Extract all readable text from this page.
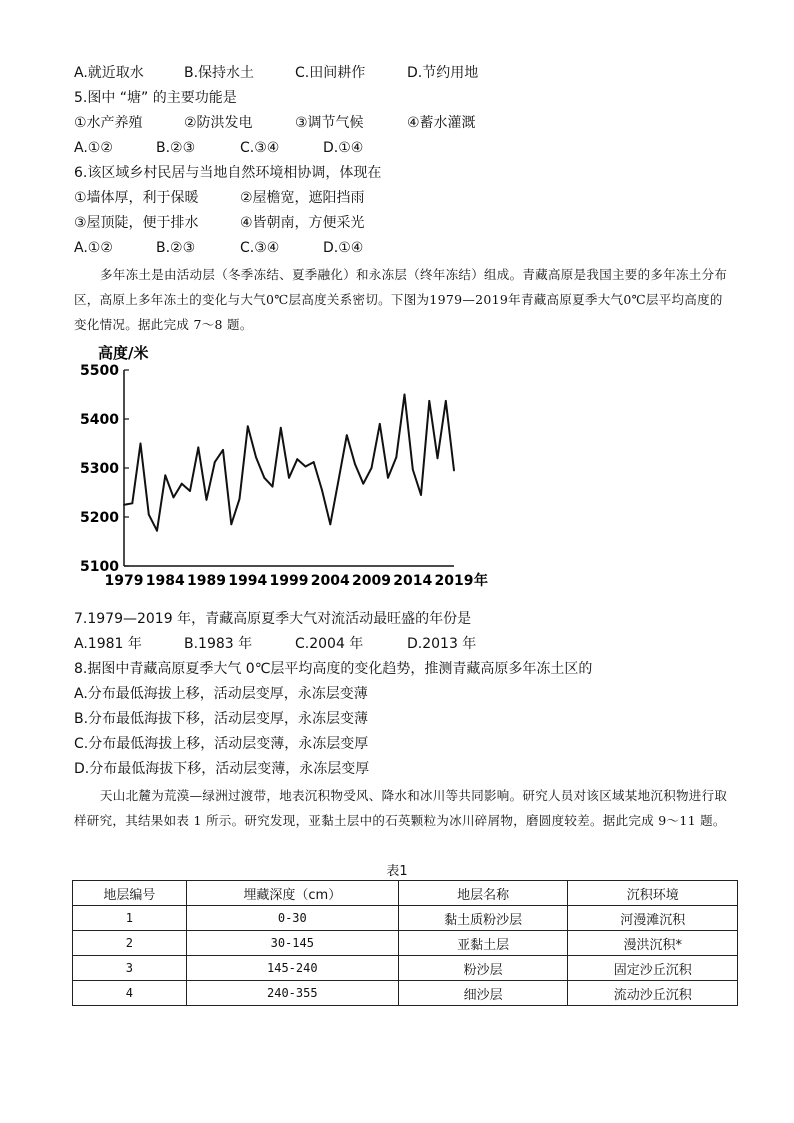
A.就近取水	B.保持水土	C.田间耕作	D.节约用地
5.图中 “塘” 的主要功能是
①水产养殖	②防洪发电	③调节气候	④蓄水灌溉
A.①②	B.②③	C.③④	D.①④
6.该区域乡村民居与当地自然环境相协调，体现在
①墙体厚，利于保暖	②屋檐宽，遮阳挡雨
③屋顶陡，便于排水	④皆朝南，方便采光
A.①②	B.②③	C.③④	D.①④
多年冻土是由活动层（冬季冻结、夏季融化）和永冻层（终年冻结）组成。青藏高原是我国主要的多年冻土分布区，高原上多年冻土的变化与大气0℃层高度关系密切。下图为1979—2019年青藏高原夏季大气0℃层平均高度的变化情况。据此完成 7～8 题。
高度/米
5500
5400
5300
5200
5100
1979 1984 1989 1994 1999 2004 2009 2014 2019 年
7.1979—2019 年，青藏高原夏季大气对流活动最旺盛的年份是
A.1981 年	B.1983 年	C.2004 年	D.2013 年
8.据图中青藏高原夏季大气 0℃层平均高度的变化趋势，推测青藏高原多年冻土区的
A.分布最低海拔上移，活动层变厚，永冻层变薄
B.分布最低海拔下移，活动层变厚，永冻层变薄
C.分布最低海拔上移，活动层变薄，永冻层变厚
D.分布最低海拔下移，活动层变薄，永冻层变厚
天山北麓为荒漠—绿洲过渡带，地表沉积物受风、降水和冰川等共同影响。研究人员对该区域某地沉积物进行取样研究，其结果如表 1 所示。研究发现，亚黏土层中的石英颗粒为冰川碎屑物，磨圆度较差。据此完成 9～11 题。
表1
地层编号	埋藏深度（cm）	地层名称	沉积环境
1	0-30	黏土质粉沙层	河漫滩沉积
2	30-145	亚黏土层	漫洪沉积*
3	145-240	粉沙层	固定沙丘沉积
4	240-355	细沙层	流动沙丘沉积
